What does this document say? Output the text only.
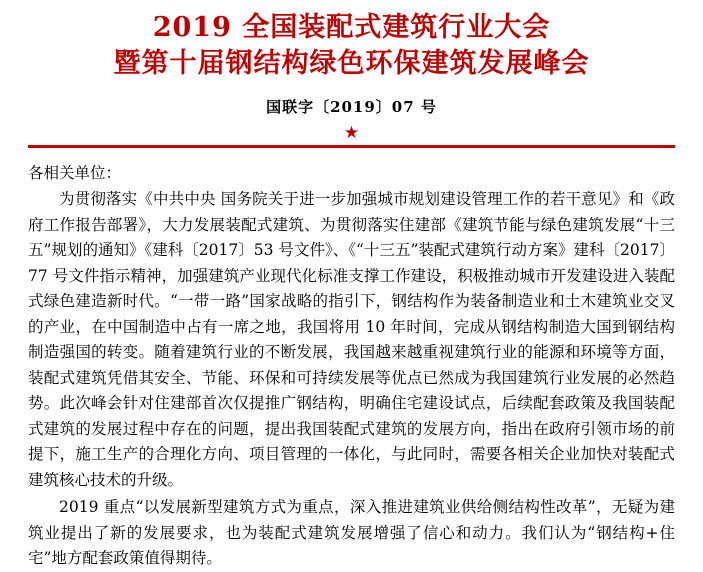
2019 全国装配式建筑行业大会
暨第十届钢结构绿色环保建筑发展峰会
国联字〔2019〕07 号
★
各相关单位：

为贯彻落实《中共中央 国务院关于进一步加强城市规划建设管理工作的若干意见》和《政府工作报告部署》，大力发展装配式建筑、为贯彻落实住建部《建筑节能与绿色建筑发展“十三五”规划的通知》《建科〔2017〕53 号文件》、《“十三五”装配式建筑行动方案》建科〔2017〕77 号文件指示精神，加强建筑产业现代化标准支撑工作建设，积极推动城市开发建设进入装配式绿色建造新时代。“一带一路”国家战略的指引下，钢结构作为装备制造业和土木建筑业交叉的产业，在中国制造中占有一席之地，我国将用 10 年时间，完成从钢结构制造大国到钢结构制造强国的转变。随着建筑行业的不断发展，我国越来越重视建筑行业的能源和环境等方面，装配式建筑凭借其安全、节能、环保和可持续发展等优点已然成为我国建筑行业发展的必然趋势。此次峰会针对住建部首次仅提推广钢结构，明确住宅建设试点，后续配套政策及我国装配式建筑的发展过程中存在的问题，提出我国装配式建筑的发展方向，指出在政府引领市场的前提下，施工生产的合理化方向、项目管理的一体化，与此同时，需要各相关企业加快对装配式建筑核心技术的升级。

2019 重点“以发展新型建筑方式为重点，深入推进建筑业供给侧结构性改革”，无疑为建筑业提出了新的发展要求，也为装配式建筑发展增强了信心和动力。我们认为“钢结构+住宅”地方配套政策值得期待。
